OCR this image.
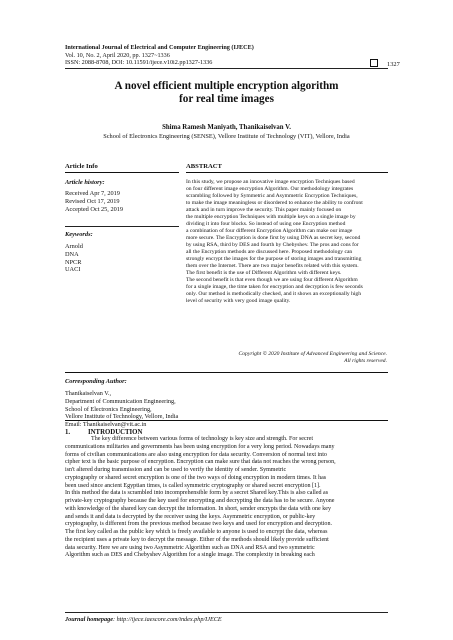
International Journal of Electrical and Computer Engineering (IJECE)
Vol. 10, No. 2, April 2020, pp. 1327~1336
ISSN: 2088-8708, DOI: 10.11591/ijece.v10i2.pp1327-1336	1327
A novel efficient multiple encryption algorithm
for real time images
Shima Ramesh Maniyath, Thanikaiselvan V.
School of Electronics Engineering (SENSE), Vellore Institute of Technology (VIT), Vellore, India
Article Info	ABSTRACT
Article history:
Received Apr 7, 2019
Revised Oct 17, 2019
Accepted Oct 25, 2019
Keywords:
Arnold
DNA
NPCR
UACI
In this study, we propose an innovative image encryption Techniques based
on four different image encryption Algorithm. Our methodology integrates
scrambling followed by Symmetric and Asymmetric Encryption Techniques,
to make the image meaningless or disordered to enhance the ability to confront
attack and in turn improve the security. This paper mainly focused on
the multiple encryption Techniques with multiple keys on a single image by
dividing it into four blocks. So instead of using one Encryption method
a combination of four different Encryption Algorithm can make our image
more secure. The Encryption is done first by using DNA as secret key, second
by using RSA, third by DES and fourth by Chebyshev. The pros and cons for
all the Encryption methods are discussed here. Proposed methodology can
strongly encrypt the images for the purpose of storing images and transmitting
them over the Internet. There are two major benefits related with this system.
The first benefit is the use of Different Algorithm with different keys.
The second benefit is that even though we are using four different Algorithm
for a single image, the time taken for encryption and decryption is few seconds
only. Our method is methodically checked, and it shows an exceptionally high
level of security with very good image quality.
Copyright © 2020 Institute of Advanced Engineering and Science.
All rights reserved.
Corresponding Author:
Thanikaiselvan V.,
Department of Communication Engineering,
School of Electronics Engineering,
Vellore Institute of Technology, Vellore, India
Email: Thanikaiselvan@vit.ac.in
1.	INTRODUCTION
The key difference between various forms of technology is key size and strength. For secret
communications militaries and governments has been using encryption for a very long period. Nowadays many
forms of civilian communications are also using encryption for data security. Conversion of normal text into
cipher text is the basic purpose of encryption. Encryption can make sure that data not reaches the wrong person,
isn't altered during transmission and can be used to verify the identity of sender. Symmetric
cryptography or shared secret encryption is one of the two ways of doing encryption in modern times. It has
been used since ancient Egyptian times, is called symmetric cryptography or shared secret encryption [1].
In this method the data is scrambled into incomprehensible form by a secret Shared key.This is also called as
private-key cryptography because the key used for encrypting and decrypting the data has to be secure. Anyone
with knowledge of the shared key can decrypt the information. In short, sender encrypts the data with one key
and sends it and data is decrypted by the receiver using the keys. Asymmetric encryption, or public-key
cryptography, is different from the previous method because two keys and used for encryption and decryption.
The first key called as the public key which is freely available to anyone is used to encrypt the data, whereas
the recipient uses a private key to decrypt the message. Either of the methods should likely provide sufficient
data security. Here we are using two Asymmetric Algorithm such as DNA and RSA and two symmetric
Algorithm such as DES and Chebyshev Algorithm for a single image. The complexity in breaking each
Journal homepage: http://ijece.iaescore.com/index.php/IJECE
